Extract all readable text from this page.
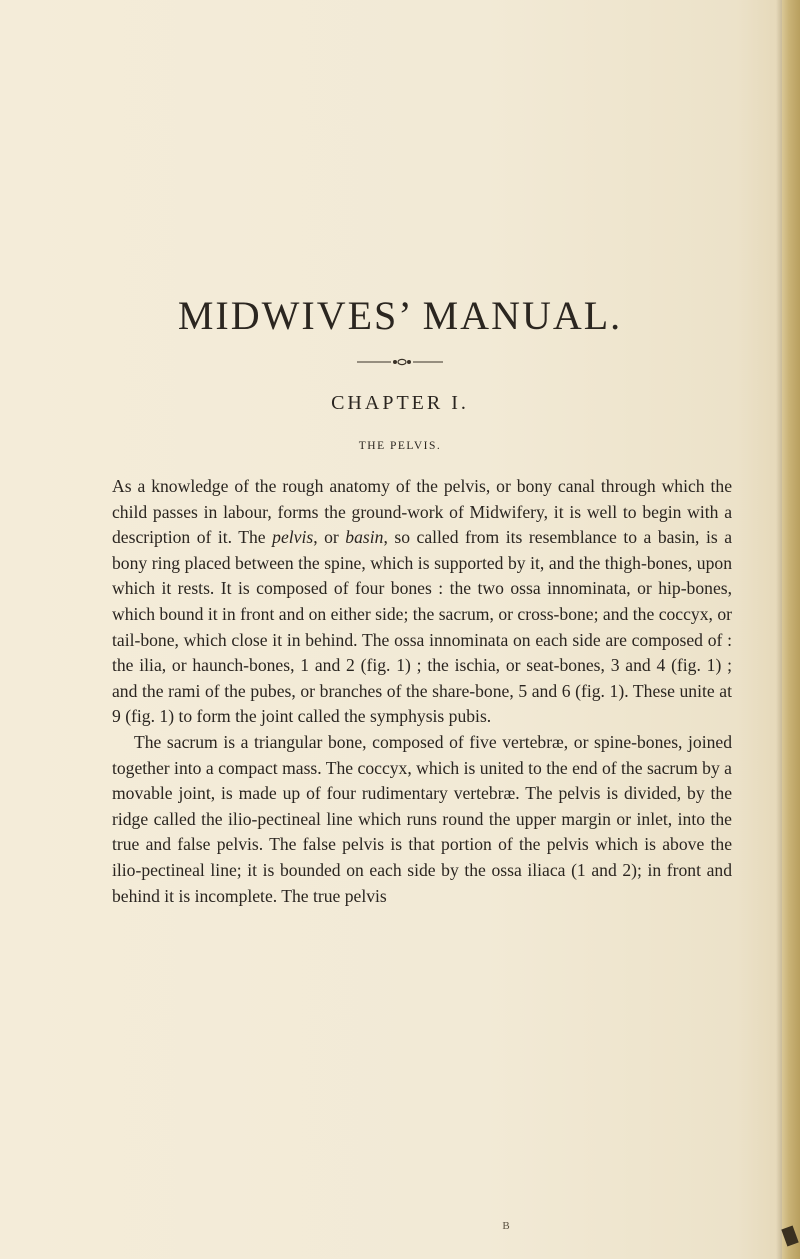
MIDWIVES’ MANUAL.
CHAPTER I.
THE PELVIS.

As a knowledge of the rough anatomy of the pelvis, or bony canal through which the child passes in labour, forms the ground-work of Midwifery, it is well to begin with a description of it. The pelvis, or basin, so called from its resemblance to a basin, is a bony ring placed between the spine, which is supported by it, and the thigh-bones, upon which it rests. It is composed of four bones : the two ossa innominata, or hip-bones, which bound it in front and on either side; the sacrum, or cross-bone; and the coccyx, or tail-bone, which close it in behind. The ossa innominata on each side are composed of : the ilia, or haunch-bones, 1 and 2 (fig. 1) ; the ischia, or seat-bones, 3 and 4 (fig. 1) ; and the rami of the pubes, or branches of the share-bone, 5 and 6 (fig. 1). These unite at 9 (fig. 1) to form the joint called the symphysis pubis.

The sacrum is a triangular bone, composed of five vertebræ, or spine-bones, joined together into a compact mass. The coccyx, which is united to the end of the sacrum by a movable joint, is made up of four rudimentary vertebræ. The pelvis is divided, by the ridge called the ilio-pectineal line which runs round the upper margin or inlet, into the true and false pelvis. The false pelvis is that portion of the pelvis which is above the ilio-pectineal line; it is bounded on each side by the ossa iliaca (1 and 2); in front and behind it is incomplete. The true pelvis

B
